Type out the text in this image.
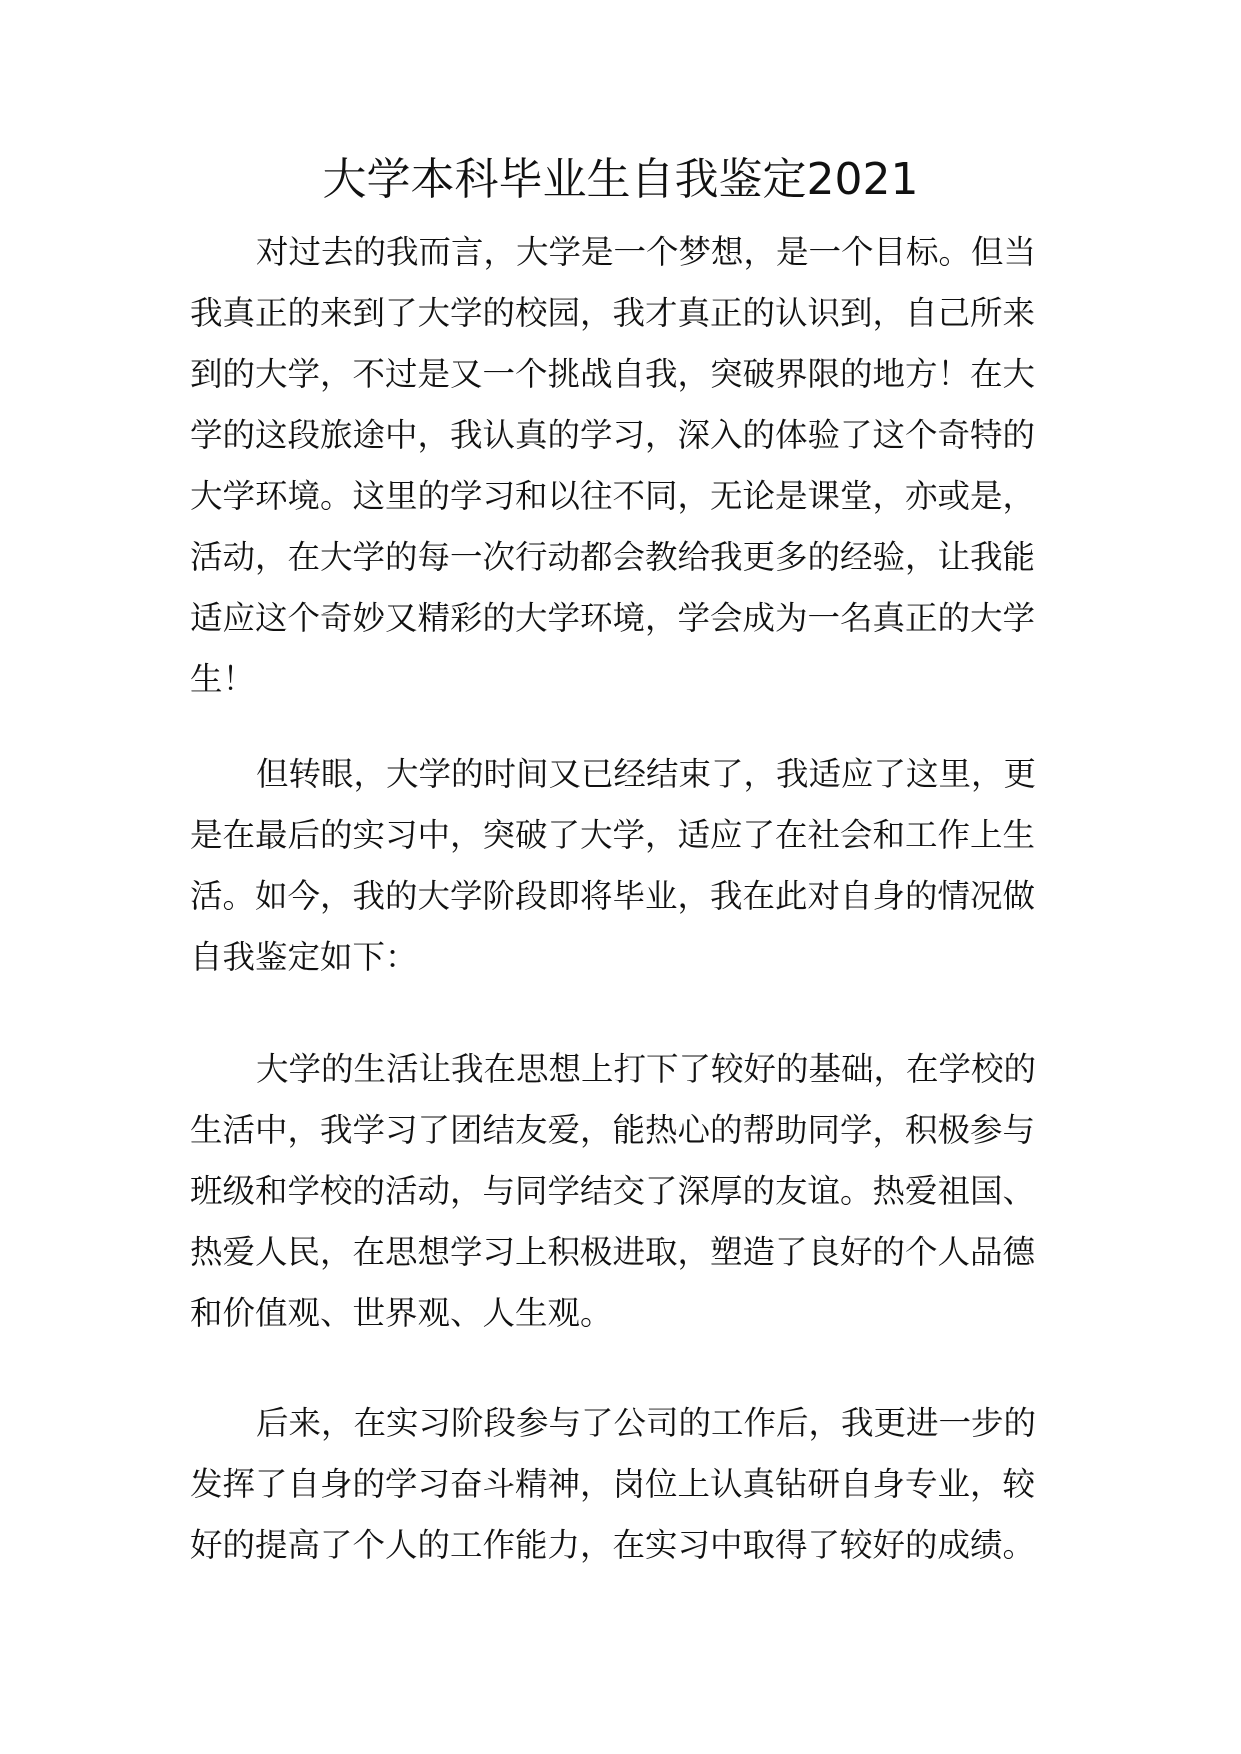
大学本科毕业生自我鉴定2021
对过去的我而言，大学是一个梦想，是一个目标。但当
我真正的来到了大学的校园，我才真正的认识到，自己所来
到的大学，不过是又一个挑战自我，突破界限的地方！在大
学的这段旅途中，我认真的学习，深入的体验了这个奇特的
大学环境。这里的学习和以往不同，无论是课堂，亦或是，
活动，在大学的每一次行动都会教给我更多的经验，让我能
适应这个奇妙又精彩的大学环境，学会成为一名真正的大学
生！
但转眼，大学的时间又已经结束了，我适应了这里，更
是在最后的实习中，突破了大学，适应了在社会和工作上生
活。如今，我的大学阶段即将毕业，我在此对自身的情况做
自我鉴定如下：
大学的生活让我在思想上打下了较好的基础，在学校的
生活中，我学习了团结友爱，能热心的帮助同学，积极参与
班级和学校的活动，与同学结交了深厚的友谊。热爱祖国、
热爱人民，在思想学习上积极进取，塑造了良好的个人品德
和价值观、世界观、人生观。
后来，在实习阶段参与了公司的工作后，我更进一步的
发挥了自身的学习奋斗精神，岗位上认真钻研自身专业，较
好的提高了个人的工作能力，在实习中取得了较好的成绩。
